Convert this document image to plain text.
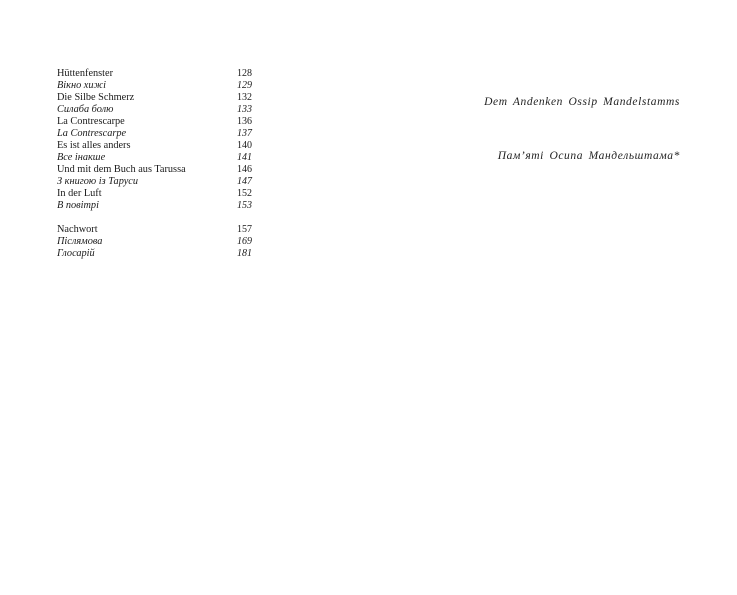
Hüttenfenster	128
Вікно хижі	129
Die Silbe Schmerz	132
Силаба болю	133
La Contrescarpe	136
La Contrescarpe	137
Es ist alles anders	140
Все інакше	141
Und mit dem Buch aus Tarussa	146
З книгою із Таруси	147
In der Luft	152
В повітрі	153
Nachwort	157
Післямова	169
Глосарій	181
Dem Andenken Ossip Mandelstamms
Пам’яті Осипа Мандельштама*
